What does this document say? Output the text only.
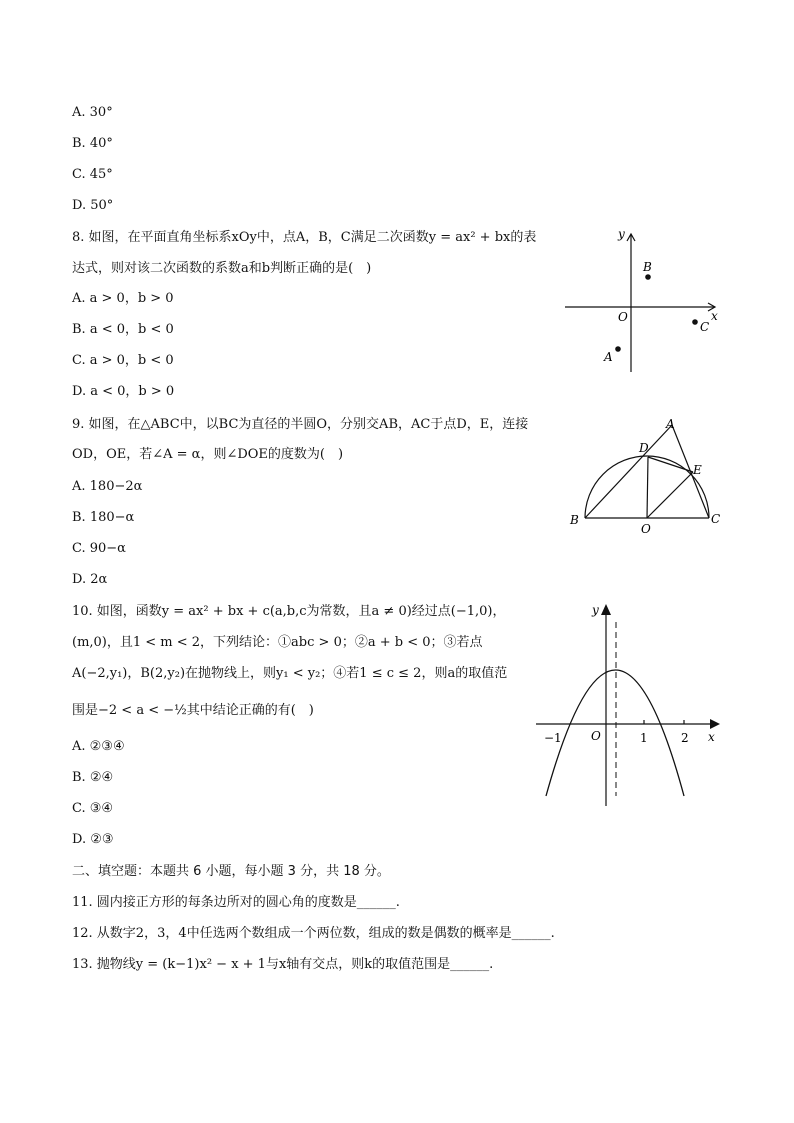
A. 30°
B. 40°
C. 45°
D. 50°
8. 如图，在平面直角坐标系xOy中，点A，B，C满足二次函数y = ax² + bx的表
达式，则对该二次函数的系数a和b判断正确的是(　)
A. a > 0，b > 0
B. a < 0，b < 0
C. a > 0，b < 0
D. a < 0，b > 0
y
x
O
B
C
A
9. 如图，在△ABC中，以BC为直径的半圆O，分别交AB，AC于点D，E，连接
OD，OE，若∠A = α，则∠DOE的度数为(　)
A. 180−2α
B. 180−α
C. 90−α
D. 2α
A
B	C
D
E
O
10. 如图，函数y = ax² + bx + c(a,b,c为常数，且a ≠ 0)经过点(−1,0)，
(m,0)，且1 < m < 2，下列结论：①abc > 0；②a + b < 0；③若点
A(−2,y₁)，B(2,y₂)在抛物线上，则y₁ < y₂；④若1 ≤ c ≤ 2，则a的取值范
围是−2 < a < −½其中结论正确的有(　)
A. ②③④
B. ②④
C. ③④
D. ②③
y
x
O
−1	1	2
二、填空题：本题共 6 小题，每小题 3 分，共 18 分。
11. 圆内接正方形的每条边所对的圆心角的度数是______.
12. 从数字2，3，4中任选两个数组成一个两位数，组成的数是偶数的概率是______.
13. 抛物线y = (k−1)x² − x + 1与x轴有交点，则k的取值范围是______.
